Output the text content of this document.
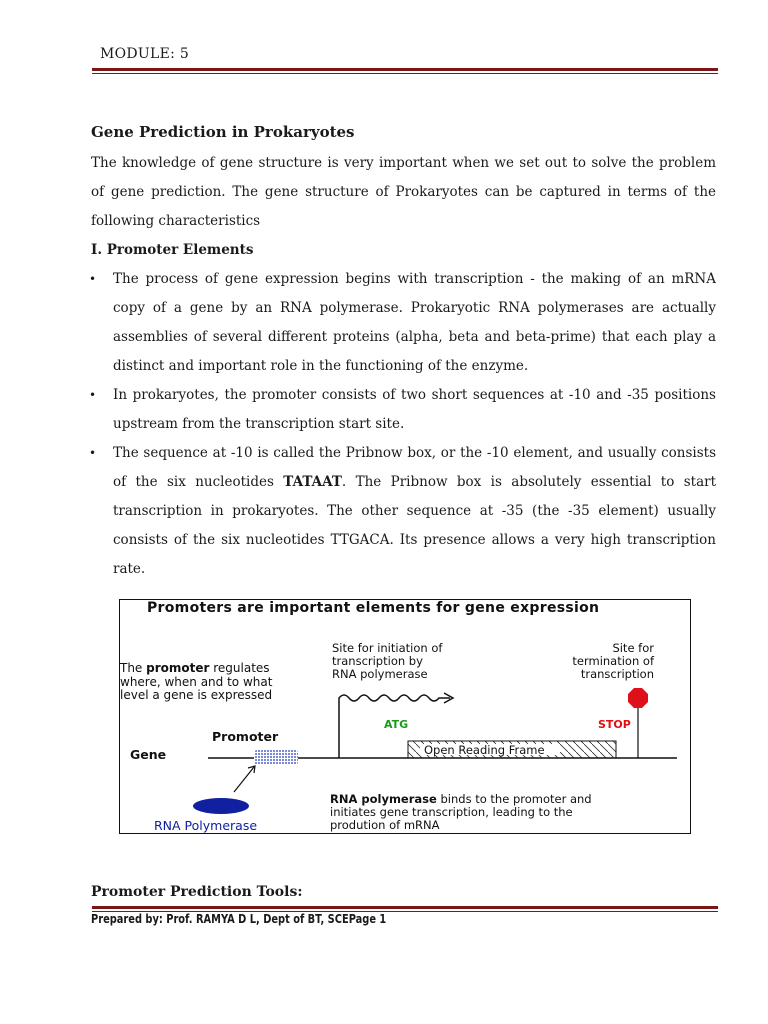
MODULE: 5
Gene Prediction in Prokaryotes

The knowledge of gene structure is very important when we set out to solve the problem of gene prediction. The gene structure of Prokaryotes can be captured in terms of the following characteristics

I. Promoter Elements

• The process of gene expression begins with transcription - the making of an mRNA copy of a gene by an RNA polymerase. Prokaryotic RNA polymerases are actually assemblies of several different proteins (alpha, beta and beta-prime) that each play a distinct and important role in the functioning of the enzyme.
• In prokaryotes, the promoter consists of two short sequences at -10 and -35 positions upstream from the transcription start site.
• The sequence at -10 is called the Pribnow box, or the -10 element, and usually consists of the six nucleotides TATAAT. The Pribnow box is absolutely essential to start transcription in prokaryotes. The other sequence at -35 (the -35 element) usually consists of the six nucleotides TTGACA. Its presence allows a very high transcription rate.
Promoters are important elements for gene expression
The promoter regulates
where, when and to what
level a gene is expressed
Site for initiation of
transcription by
RNA polymerase
Site for
termination of
transcription
ATG	STOP
Promoter
Gene	Open Reading Frame
RNA Polymerase
RNA polymerase binds to the promoter and
initiates gene transcription, leading to the
prodution of mRNA
Promoter Prediction Tools:
Prepared by: Prof. RAMYA D L, Dept of BT, SCEPage 1
